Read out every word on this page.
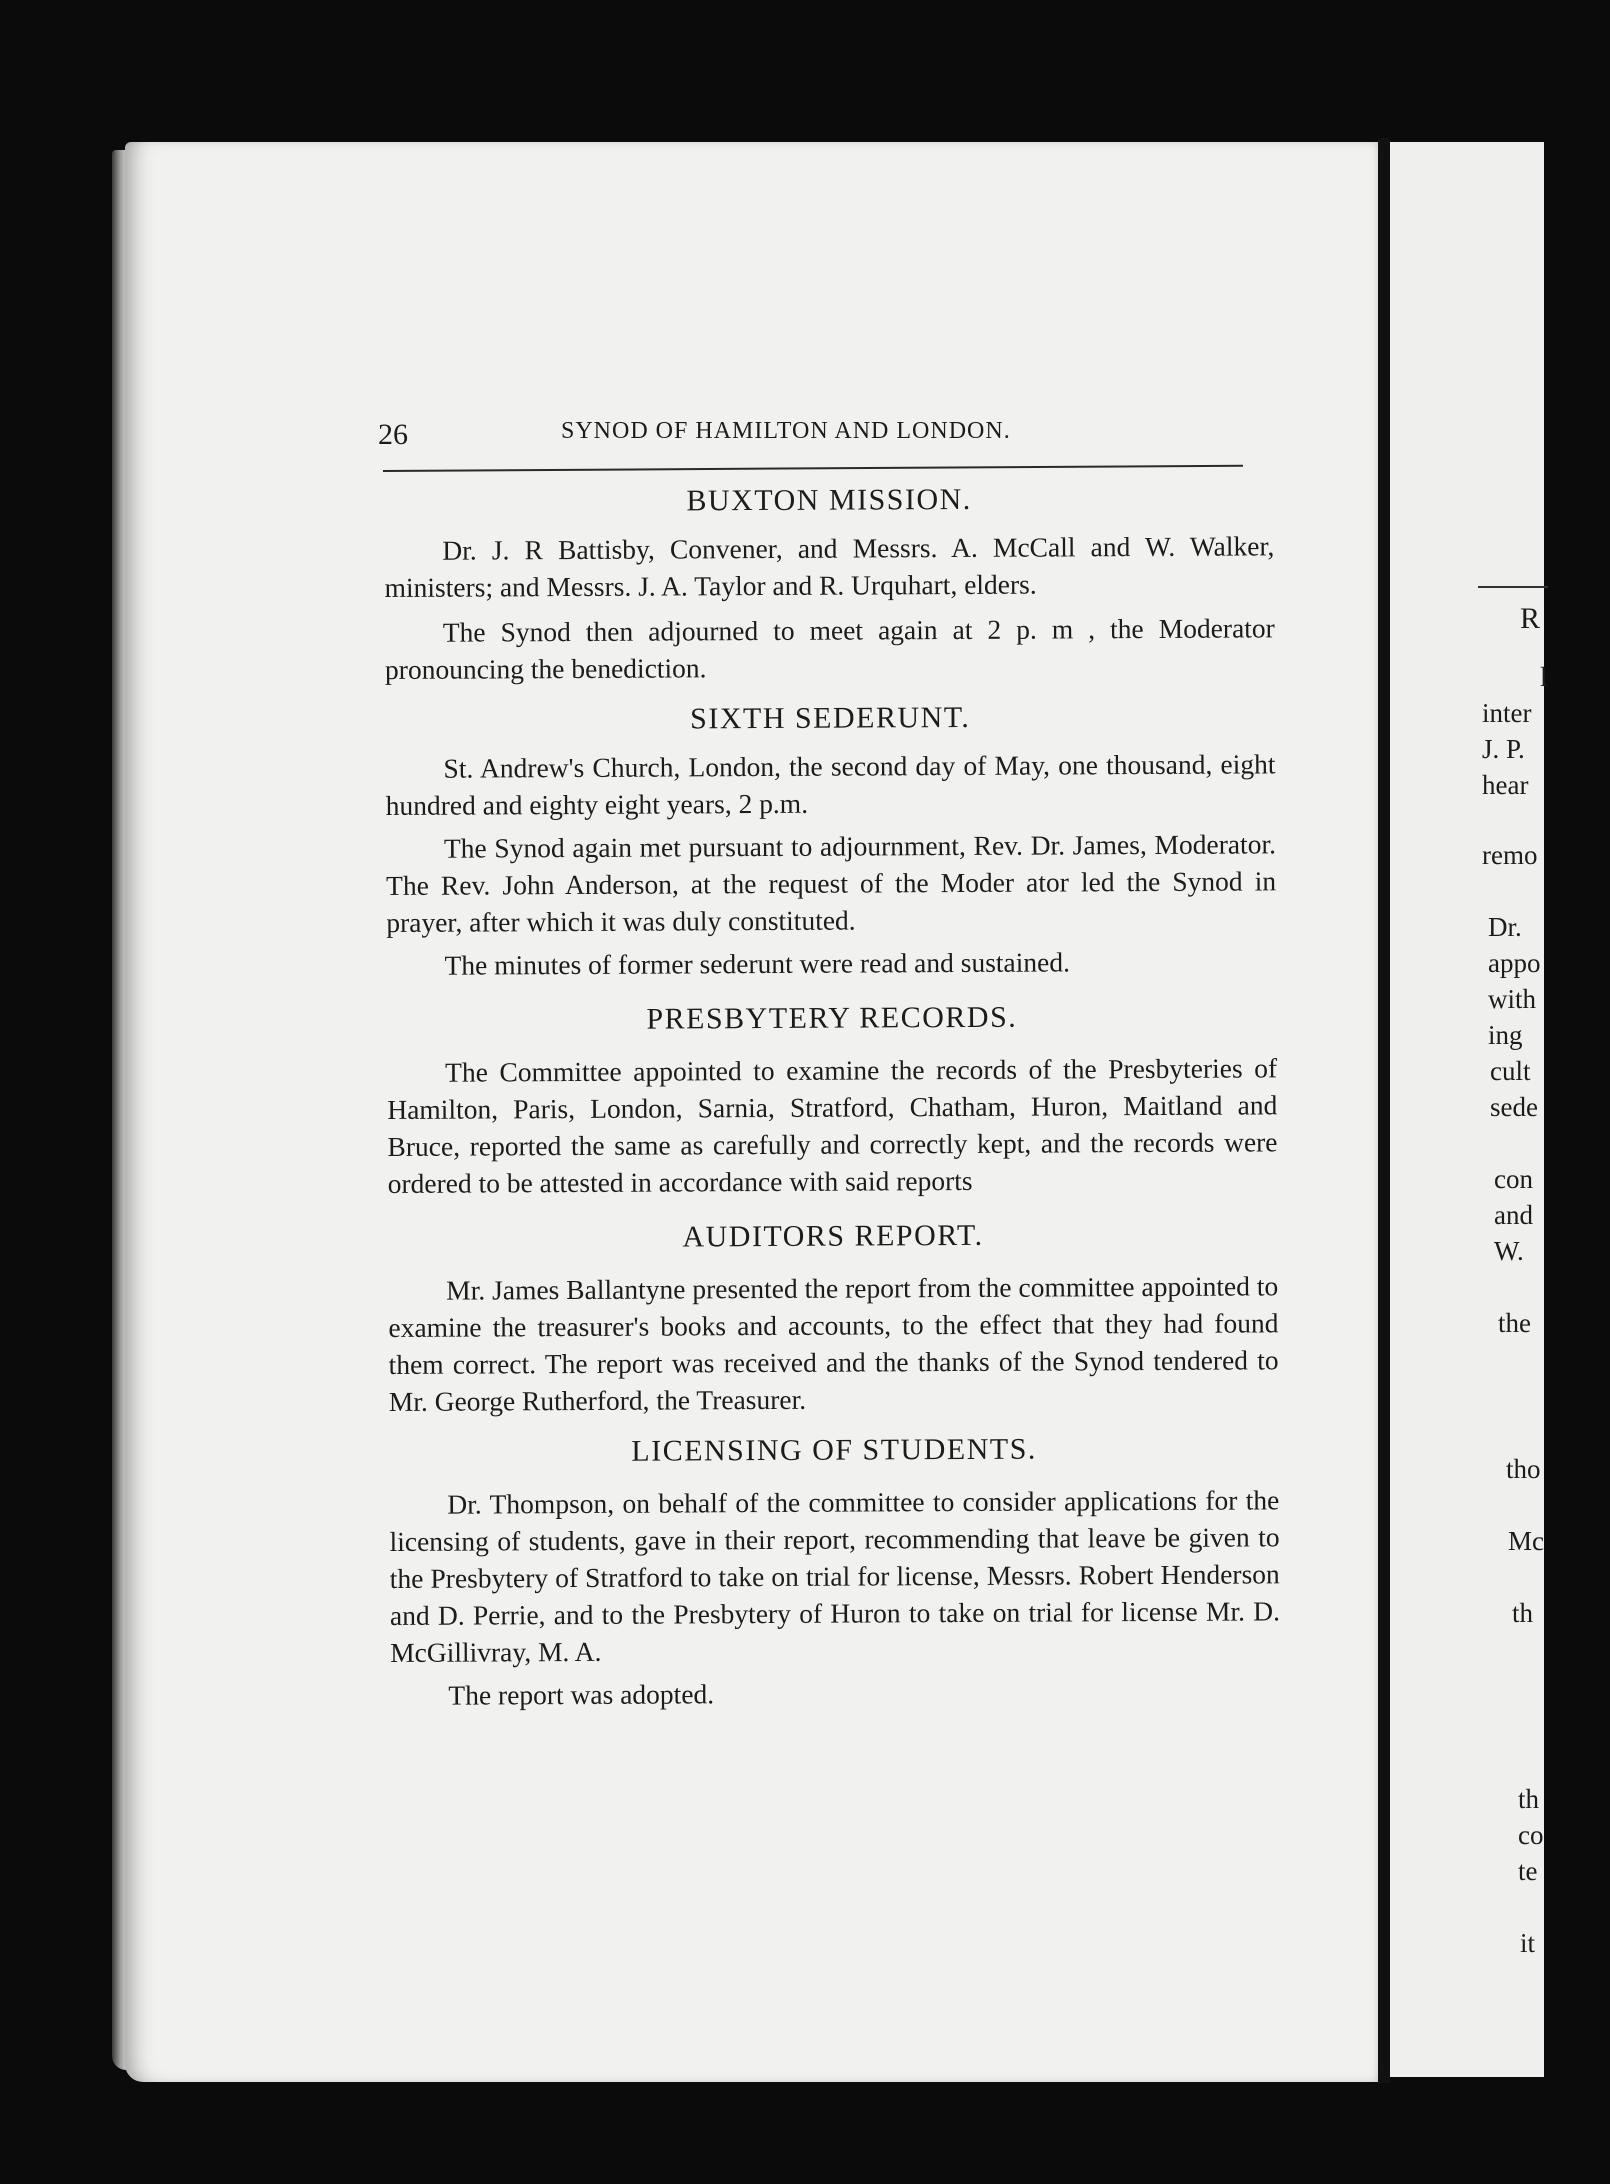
R
l
inter
J. P.
hear
remo
Dr.
appo
with
ing
cult
sede
con
and
W.
the
tho
Mc
th
th
co
te
it
26	SYNOD OF HAMILTON AND LONDON.
BUXTON MISSION.

Dr. J. R Battisby, Convener, and Messrs. A. McCall and W. Walker, ministers; and Messrs. J. A. Taylor and R. Urquhart, elders.

The Synod then adjourned to meet again at 2 p. m , the Moderator pronouncing the benediction.

SIXTH SEDERUNT.

St. Andrew's Church, London, the second day of May, one thousand, eight hundred and eighty eight years, 2 p.m.

The Synod again met pursuant to adjournment, Rev. Dr. James, Moderator. The Rev. John Anderson, at the request of the Moder ator led the Synod in prayer, after which it was duly constituted.

The minutes of former sederunt were read and sustained.

PRESBYTERY RECORDS.

The Committee appointed to examine the records of the Presbyteries of Hamilton, Paris, London, Sarnia, Stratford, Chatham, Huron, Maitland and Bruce, reported the same as carefully and correctly kept, and the records were ordered to be attested in accordance with said reports

AUDITORS REPORT.

Mr. James Ballantyne presented the report from the committee appointed to examine the treasurer's books and accounts, to the effect that they had found them correct. The report was received and the thanks of the Synod tendered to Mr. George Rutherford, the Treasurer.

LICENSING OF STUDENTS.

Dr. Thompson, on behalf of the committee to consider applications for the licensing of students, gave in their report, recommending that leave be given to the Presbytery of Stratford to take on trial for license, Messrs. Robert Henderson and D. Perrie, and to the Presbytery of Huron to take on trial for license Mr. D. McGillivray, M. A.

The report was adopted.
